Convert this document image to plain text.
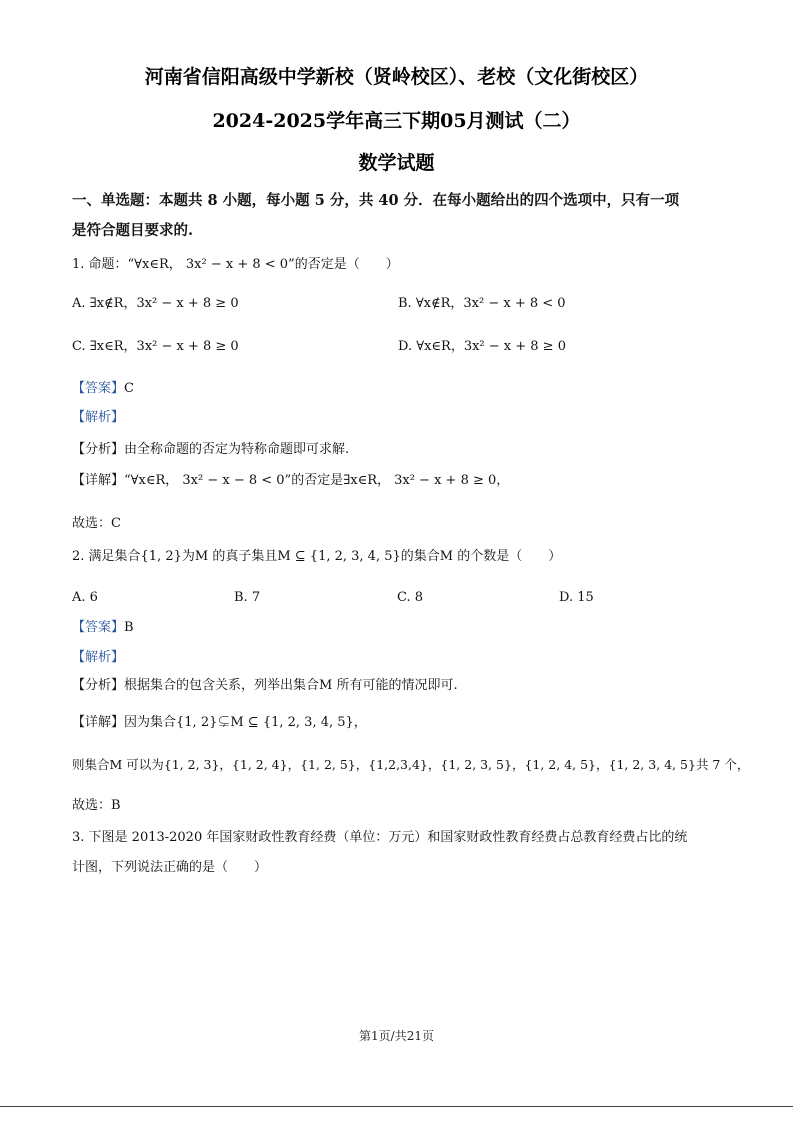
河南省信阳高级中学新校（贤岭校区）、老校（文化街校区）
2024-2025学年高三下期05月测试（二）
数学试题
一、单选题：本题共 8 小题，每小题 5 分，共 40 分．在每小题给出的四个选项中，只有一项
是符合题目要求的.
1. 命题：“∀x∈R， 3x² − x + 8 < 0”的否定是（　　）
A. ∃x∉R，3x² − x + 8 ≥ 0	B. ∀x∉R，3x² − x + 8 < 0
C. ∃x∈R，3x² − x + 8 ≥ 0	D. ∀x∈R，3x² − x + 8 ≥ 0
【答案】C
【解析】
【分析】由全称命题的否定为特称命题即可求解.
【详解】“∀x∈R， 3x² − x − 8 < 0”的否定是∃x∈R， 3x² − x + 8 ≥ 0，
故选：C
2. 满足集合{1, 2}为M 的真子集且M ⊆ {1, 2, 3, 4, 5}的集合M 的个数是（　　）
A. 6	B. 7	C. 8	D. 15
【答案】B
【解析】
【分析】根据集合的包含关系，列举出集合M 所有可能的情况即可.
【详解】因为集合{1, 2}⊊M ⊆ {1, 2, 3, 4, 5}，
则集合M 可以为{1, 2, 3}，{1, 2, 4}，{1, 2, 5}，{1,2,3,4}，{1, 2, 3, 5}，{1, 2, 4, 5}，{1, 2, 3, 4, 5}共 7 个，
故选：B
3. 下图是 2013-2020 年国家财政性教育经费（单位：万元）和国家财政性教育经费占总教育经费占比的统
计图，下列说法正确的是（　　）
第1页/共21页
